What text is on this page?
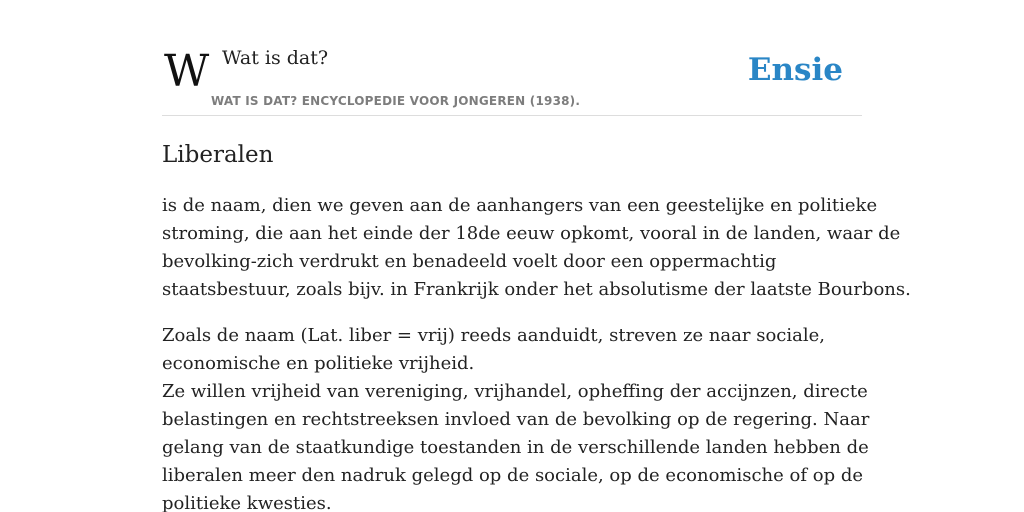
W Wat is dat?
WAT IS DAT? ENCYCLOPEDIE VOOR JONGEREN (1938).
Ensie
Liberalen

is de naam, dien we geven aan de aanhangers van een geestelijke en politieke
stroming, die aan het einde der 18de eeuw opkomt, vooral in de landen, waar de
bevolking-zich verdrukt en benadeeld voelt door een oppermachtig
staatsbestuur, zoals bijv. in Frankrijk onder het absolutisme der laatste Bourbons.

Zoals de naam (Lat. liber = vrij) reeds aanduidt, streven ze naar sociale,
economische en politieke vrijheid.
Ze willen vrijheid van vereniging, vrijhandel, opheffing der accijnzen, directe
belastingen en rechtstreeksen invloed van de bevolking op de regering. Naar
gelang van de staatkundige toestanden in de verschillende landen hebben de
liberalen meer den nadruk gelegd op de sociale, op de economische of op de
politieke kwesties.
